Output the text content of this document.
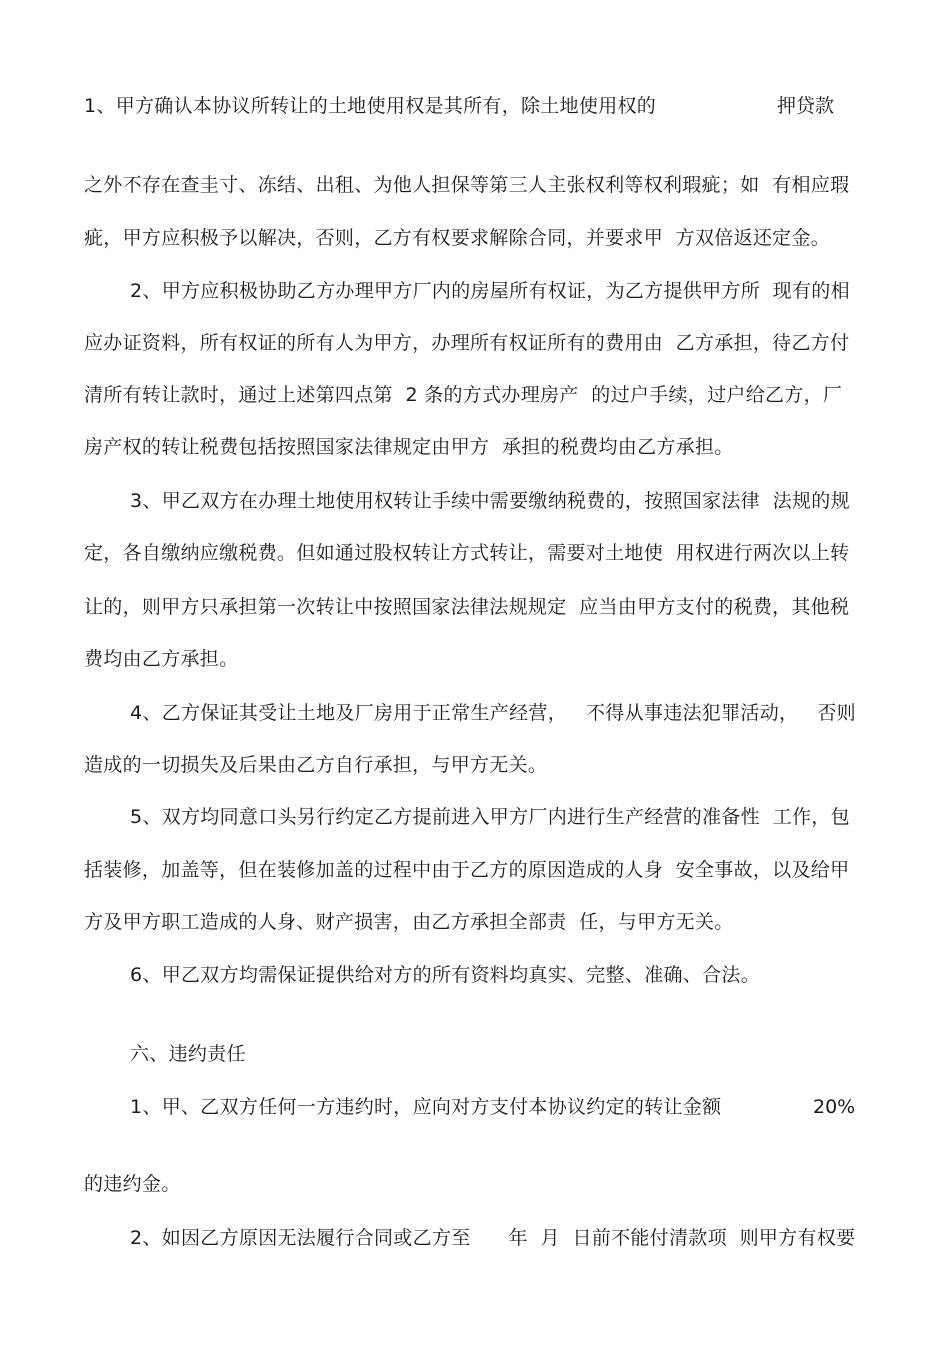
1、甲方确认本协议所转让的土地使用权是其所有，除土地使用权的	押贷款
之外不存在查圭寸、冻结、出租、为他人担保等第三人主张权利等权利瑕疵；如  有相应瑕
疵，甲方应积极予以解决，否则，乙方有权要求解除合同，并要求甲  方双倍返还定金。
2、甲方应积极协助乙方办理甲方厂内的房屋所有权证，为乙方提供甲方所  现有的相
应办证资料，所有权证的所有人为甲方，办理所有权证所有的费用由  乙方承担，待乙方付
清所有转让款时，通过上述第四点第  2 条的方式办理房产  的过户手续，过户给乙方，厂
房产权的转让税费包括按照国家法律规定由甲方  承担的税费均由乙方承担。
3、甲乙双方在办理土地使用权转让手续中需要缴纳税费的，按照国家法律  法规的规
定，各自缴纳应缴税费。但如通过股权转让方式转让，需要对土地使  用权进行两次以上转
让的，则甲方只承担第一次转让中按照国家法律法规规定  应当由甲方支付的税费，其他税
费均由乙方承担。
4、乙方保证其受让土地及厂房用于正常生产经营，   不得从事违法犯罪活动，   否则
造成的一切损失及后果由乙方自行承担，与甲方无关。
5、双方均同意口头另行约定乙方提前进入甲方厂内进行生产经营的准备性  工作，包
括装修，加盖等，但在装修加盖的过程中由于乙方的原因造成的人身  安全事故，以及给甲
方及甲方职工造成的人身、财产损害，由乙方承担全部责  任，与甲方无关。
6、甲乙双方均需保证提供给对方的所有资料均真实、完整、准确、合法。
六、违约责任
1、甲、乙双方任何一方违约时，应向对方支付本协议约定的转让金额	20%
的违约金。
2、如因乙方原因无法履行合同或乙方至      年  月  日前不能付清款项  则甲方有权要
